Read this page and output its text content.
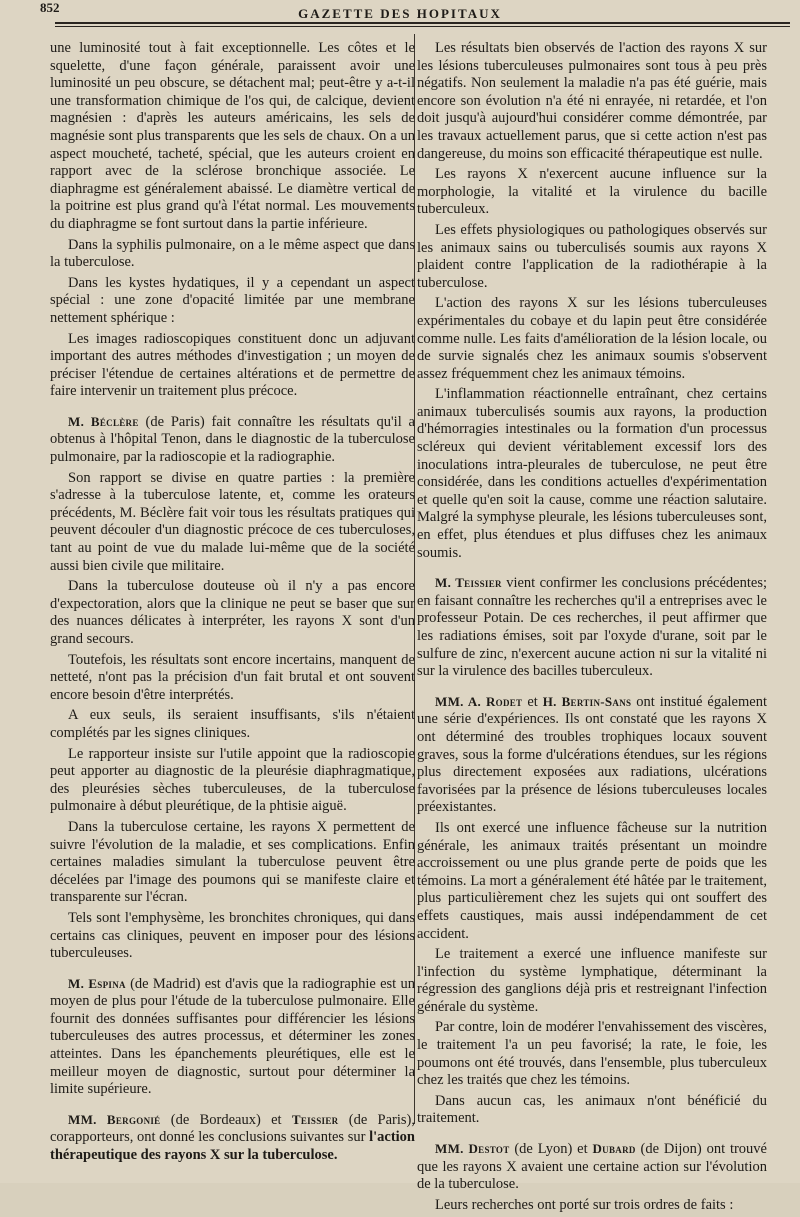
852	GAZETTE DES HOPITAUX

une luminosité tout à fait exceptionnelle. Les côtes et le squelette, d'une façon générale, paraissent avoir une luminosité un peu obscure, se détachent mal; peut-être y a-t-il une transformation chimique de l'os qui, de calcique, devient magnésien : d'après les auteurs américains, les sels de magnésie sont plus transparents que les sels de chaux. On a un aspect moucheté, tacheté, spécial, que les auteurs croient en rapport avec de la sclérose bronchique associée. Le diaphragme est généralement abaissé. Le diamètre vertical de la poitrine est plus grand qu'à l'état normal. Les mouvements du diaphragme se font surtout dans la partie inférieure.

Dans la syphilis pulmonaire, on a le même aspect que dans la tuberculose.

Dans les kystes hydatiques, il y a cependant un aspect spécial : une zone d'opacité limitée par une membrane nettement sphérique :

Les images radioscopiques constituent donc un adjuvant important des autres méthodes d'investigation ; un moyen de préciser l'étendue de certaines altérations et de permettre de faire intervenir un traitement plus précoce.

M. Béclère (de Paris) fait connaître les résultats qu'il a obtenus à l'hôpital Tenon, dans le diagnostic de la tuberculose pulmonaire, par la radioscopie et la radiographie.

Son rapport se divise en quatre parties : la première s'adresse à la tuberculose latente, et, comme les orateurs précédents, M. Béclère fait voir tous les résultats pratiques qui peuvent découler d'un diagnostic précoce de ces tuberculoses, tant au point de vue du malade lui-même que de la société aussi bien civile que militaire.

Dans la tuberculose douteuse où il n'y a pas encore d'expectoration, alors que la clinique ne peut se baser que sur des nuances délicates à interpréter, les rayons X sont d'un grand secours.

Toutefois, les résultats sont encore incertains, manquent de netteté, n'ont pas la précision d'un fait brutal et ont souvent encore besoin d'être interprétés.

A eux seuls, ils seraient insuffisants, s'ils n'étaient complétés par les signes cliniques.

Le rapporteur insiste sur l'utile appoint que la radioscopie peut apporter au diagnostic de la pleurésie diaphragmatique, des pleurésies sèches tuberculeuses, de la tuberculose pulmonaire à début pleurétique, de la phtisie aiguë.

Dans la tuberculose certaine, les rayons X permettent de suivre l'évolution de la maladie, et ses complications. Enfin certaines maladies simulant la tuberculose peuvent être décelées par l'image des poumons qui se manifeste claire et transparente sur l'écran.

Tels sont l'emphysème, les bronchites chroniques, qui dans certains cas cliniques, peuvent en imposer pour des lésions tuberculeuses.

M. Espina (de Madrid) est d'avis que la radiographie est un moyen de plus pour l'étude de la tuberculose pulmonaire. Elle fournit des données suffisantes pour différencier les lésions tuberculeuses des autres processus, et déterminer les zones atteintes. Dans les épanchements pleurétiques, elle est le meilleur moyen de diagnostic, surtout pour déterminer la limite supérieure.

MM. Bergonié (de Bordeaux) et Teissier (de Paris), corapporteurs, ont donné les conclusions suivantes sur l'action thérapeutique des rayons X sur la tuberculose.

Les résultats bien observés de l'action des rayons X sur les lésions tuberculeuses pulmonaires sont tous à peu près négatifs. Non seulement la maladie n'a pas été guérie, mais encore son évolution n'a été ni enrayée, ni retardée, et l'on doit jusqu'à aujourd'hui considérer comme démontrée, par les travaux actuellement parus, que si cette action n'est pas dangereuse, du moins son efficacité thérapeutique est nulle.

Les rayons X n'exercent aucune influence sur la morphologie, la vitalité et la virulence du bacille tuberculeux.

Les effets physiologiques ou pathologiques observés sur les animaux sains ou tuberculisés soumis aux rayons X plaident contre l'application de la radiothérapie à la tuberculose.

L'action des rayons X sur les lésions tuberculeuses expérimentales du cobaye et du lapin peut être considérée comme nulle. Les faits d'amélioration de la lésion locale, ou de survie signalés chez les animaux soumis s'observent assez fréquemment chez les animaux témoins.

L'inflammation réactionnelle entraînant, chez certains animaux tuberculisés soumis aux rayons, la production d'hémorragies intestinales ou la formation d'un processus scléreux qui devient véritablement excessif lors des inoculations intra-pleurales de tuberculose, ne peut être considérée, dans les conditions actuelles d'expérimentation et quelle qu'en soit la cause, comme une réaction salutaire. Malgré la symphyse pleurale, les lésions tuberculeuses sont, en effet, plus étendues et plus diffuses chez les animaux soumis.

M. Teissier vient confirmer les conclusions précédentes; en faisant connaître les recherches qu'il a entreprises avec le professeur Potain. De ces recherches, il peut affirmer que les radiations émises, soit par l'oxyde d'urane, soit par le sulfure de zinc, n'exercent aucune action ni sur la vitalité ni sur la virulence des bacilles tuberculeux.

MM. A. Rodet et H. Bertin-Sans ont institué également une série d'expériences. Ils ont constaté que les rayons X ont déterminé des troubles trophiques locaux souvent graves, sous la forme d'ulcérations étendues, sur les régions plus directement exposées aux radiations, ulcérations favorisées par la présence de lésions tuberculeuses locales préexistantes.

Ils ont exercé une influence fâcheuse sur la nutrition générale, les animaux traités présentant un moindre accroissement ou une plus grande perte de poids que les témoins. La mort a généralement été hâtée par le traitement, plus particulièrement chez les sujets qui ont souffert des effets caustiques, mais aussi indépendamment de cet accident.

Le traitement a exercé une influence manifeste sur l'infection du système lymphatique, déterminant la régression des ganglions déjà pris et restreignant l'infection générale du système.

Par contre, loin de modérer l'envahissement des viscères, le traitement l'a un peu favorisé; la rate, le foie, les poumons ont été trouvés, dans l'ensemble, plus tuberculeux chez les traités que chez les témoins.

Dans aucun cas, les animaux n'ont bénéficié du traitement.

MM. Destot (de Lyon) et Dubard (de Dijon) ont trouvé que les rayons X avaient une certaine action sur l'évolution de la tuberculose.

Leurs recherches ont porté sur trois ordres de faits :
